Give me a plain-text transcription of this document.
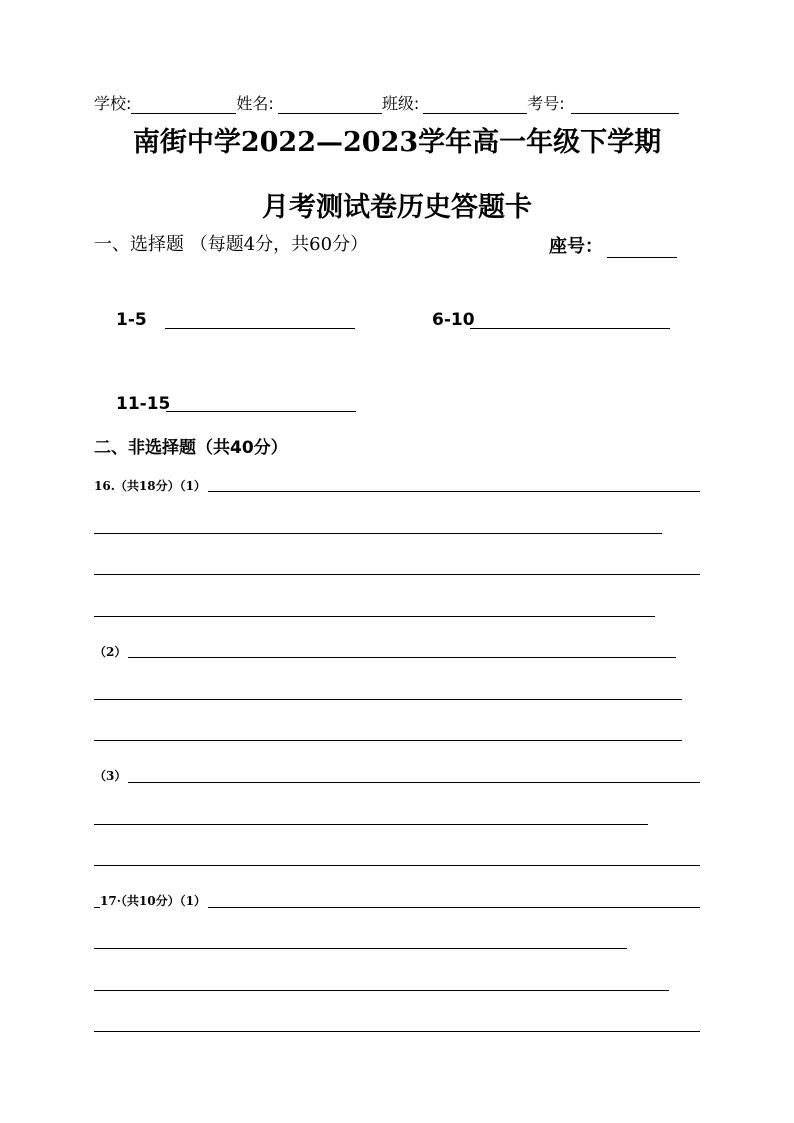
学校:	姓名:	班级:	考号:
南街中学2022—2023学年高一年级下学期
月考测试卷历史答题卡
一、选择题 （每题4分，共60分）	座号：
1-5	6-10
11-15
二、非选择题（共40分）
16.（共18分）（1）
（2）
（3）
17·（共10分）（1）
